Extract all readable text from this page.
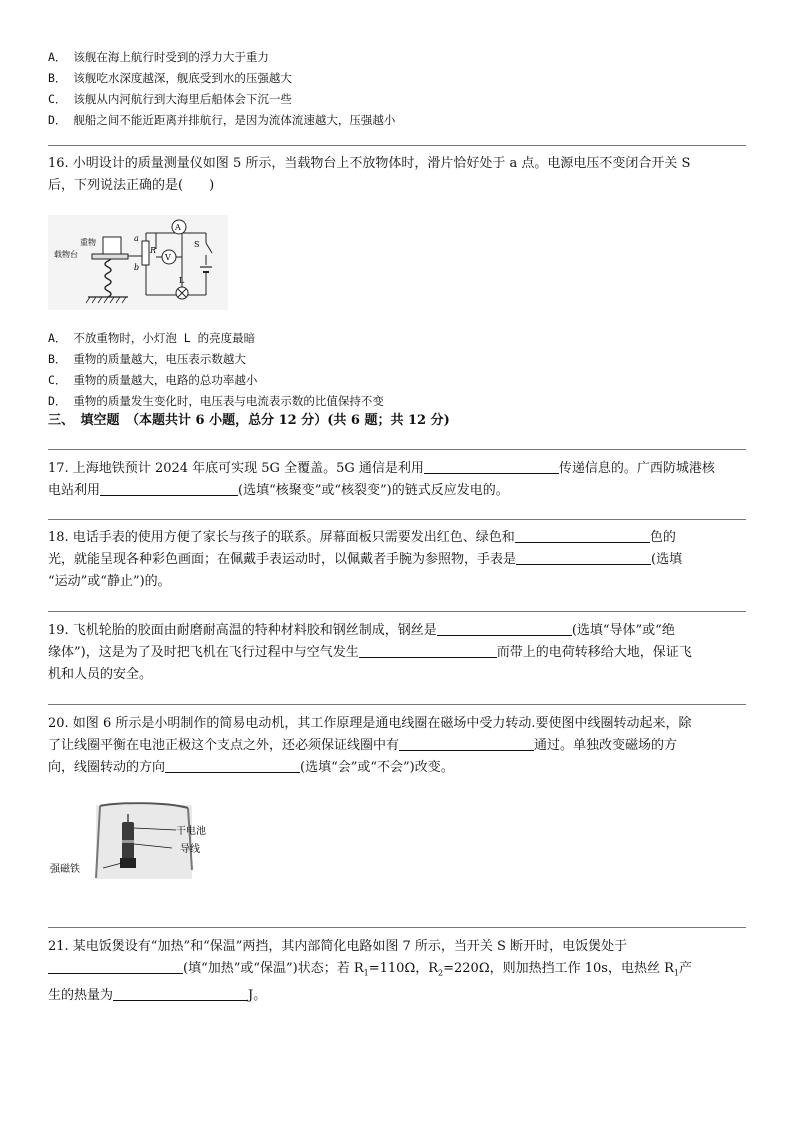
A． 该舰在海上航行时受到的浮力大于重力
B． 该舰吃水深度越深，舰底受到水的压强越大
C． 该舰从内河航行到大海里后船体会下沉一些
D． 舰船之间不能近距离并排航行，是因为流体流速越大，压强越小

16. 小明设计的质量测量仪如图 5 所示，当载物台上不放物体时，滑片恰好处于 a 点。电源电压不变闭合开关 S

后，下列说法正确的是(　　)

重物
载物台
a
b
R
A
V
S
L
A． 不放重物时，小灯泡 L 的亮度最暗
B． 重物的质量越大，电压表示数越大
C． 重物的质量越大，电路的总功率越小
D． 重物的质量发生变化时，电压表与电流表示数的比值保持不变
三、　填空题　（本题共计 6 小题，总分 12 分）(共 6 题；共 12 分)

17. 上海地铁预计 2024 年底可实现 5G 全覆盖。5G 通信是利用	传递信息的。广西防城港核

电站利用	(选填“核聚变”或“核裂变”)的链式反应发电的。

18. 电话手表的使用方便了家长与孩子的联系。屏幕面板只需要发出红色、绿色和	色的

光，就能呈现各种彩色画面；在佩戴手表运动时，以佩戴者手腕为参照物，手表是	(选填

“运动”或“静止”)的。

19. 飞机轮胎的胶面由耐磨耐高温的特种材料胶和钢丝制成，钢丝是	(选填“导体”或“绝

缘体”)，这是为了及时把飞机在飞行过程中与空气发生	而带上的电荷转移给大地，保证飞

机和人员的安全。

20. 如图 6 所示是小明制作的简易电动机，其工作原理是通电线圈在磁场中受力转动.要使图中线圈转动起来，除

了让线圈平衡在电池正极这个支点之外，还必须保证线圈中有	通过。单独改变磁场的方

向，线圈转动的方向	(选填“会”或“不会”)改变。

干电池
导线
强磁铁

21. 某电饭煲设有“加热”和“保温”两挡，其内部简化电路如图 7 所示，当开关 S 断开时，电饭煲处于

(填“加热”或“保温”)状态；若 $R_1=110\Omega$，$R_2=220\Omega$，则加热挡工作 10s，电热丝 $R_1$产

生的热量为	J。
